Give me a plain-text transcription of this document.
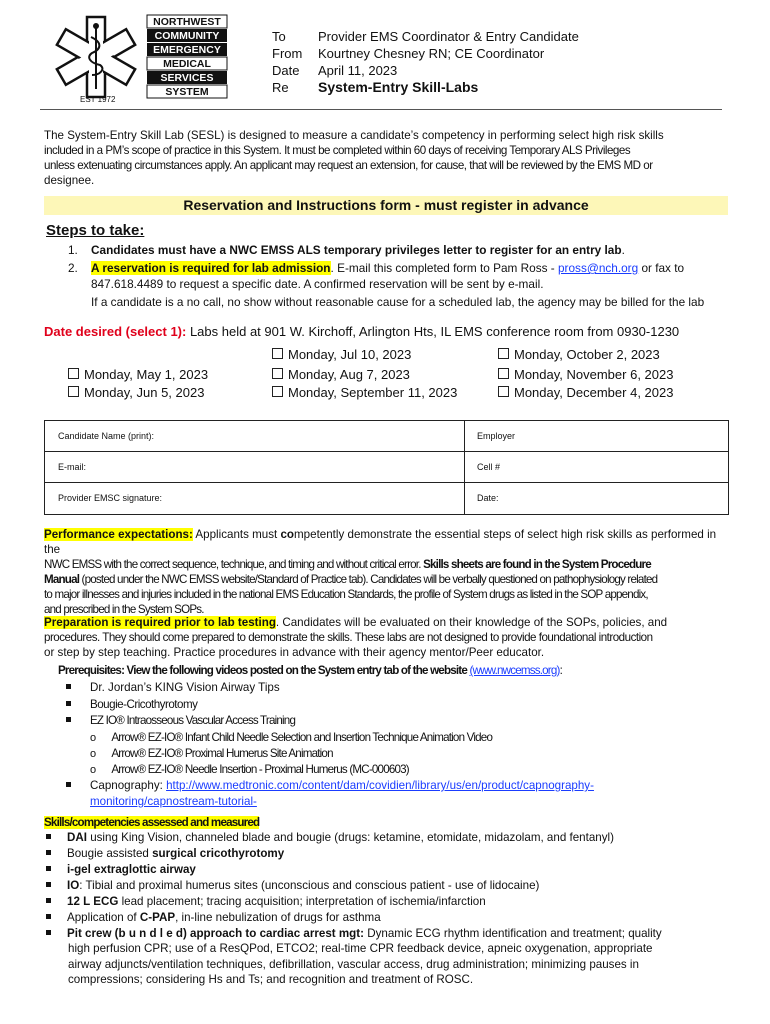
NORTHWEST
COMMUNITY
EMERGENCY
MEDICAL
SERVICES
SYSTEM
EST 1972
To Provider EMS Coordinator & Entry Candidate
From Kourtney Chesney RN; CE Coordinator
Date April 11, 2023
Re System-Entry Skill-Labs

The System-Entry Skill Lab (SESL) is designed to measure a candidate’s competency in performing select high risk skills

included in a PM’s scope of practice in this System. It must be completed within 60 days of receiving Temporary ALS Privileges

unless extenuating circumstances apply. An applicant may request an extension, for cause, that will be reviewed by the EMS MD or

designee.

Reservation and Instructions form - must register in advance
Steps to take:
1. Candidates must have a NWC EMSS ALS temporary privileges letter to register for an entry lab.
2. A reservation is required for lab admission. E-mail this completed form to Pam Ross - pross@nch.org or fax to
847.618.4489 to request a specific date. A confirmed reservation will be sent by e-mail.
If a candidate is a no call, no show without reasonable cause for a scheduled lab, the agency may be billed for the lab
Date desired (select 1): Labs held at 901 W. Kirchoff, Arlington Hts, IL EMS conference room from 0930-1230
Monday, May 1, 2023
Monday, Jun 5, 2023
Monday, Jul 10, 2023
Monday, Aug 7, 2023
Monday, September 11, 2023
Monday, October 2, 2023
Monday, November 6, 2023
Monday, December 4, 2023
Candidate Name (print):	Employer
E-mail:	Cell #
Provider EMSC signature:	Date:

Performance expectations: Applicants must competently demonstrate the essential steps of select high risk skills as performed in the

NWC EMSS with the correct sequence, technique, and timing and without critical error. Skills sheets are found in the System Procedure

Manual (posted under the NWC EMSS website/Standard of Practice tab). Candidates will be verbally questioned on pathophysiology related

to major illnesses and injuries included in the national EMS Education Standards, the profile of System drugs as listed in the SOP appendix,

and prescribed in the System SOPs.

Preparation is required prior to lab testing. Candidates will be evaluated on their knowledge of the SOPs, policies, and

procedures. They should come prepared to demonstrate the skills. These labs are not designed to provide foundational introduction

or step by step teaching. Practice procedures in advance with their agency mentor/Peer educator.

Prerequisites: View the following videos posted on the System entry tab of the website (www.nwcemss.org):
Dr. Jordan’s KING Vision Airway Tips
Bougie-Cricothyrotomy
EZ IO® Intraosseous Vascular Access Training
o Arrow® EZ-IO® Infant Child Needle Selection and Insertion Technique Animation Video
o Arrow® EZ-IO® Proximal Humerus Site Animation
o Arrow® EZ-IO® Needle Insertion - Proximal Humerus (MC-000603)
Capnography: http://www.medtronic.com/content/dam/covidien/library/us/en/product/capnography-
monitoring/capnostream-tutorial-
Skills/competencies assessed and measured
DAI using King Vision, channeled blade and bougie (drugs: ketamine, etomidate, midazolam, and fentanyl)
Bougie assisted surgical cricothyrotomy
i-gel extraglottic airway
IO: Tibial and proximal humerus sites (unconscious and conscious patient - use of lidocaine)
12 L ECG lead placement; tracing acquisition; interpretation of ischemia/infarction
Application of C-PAP, in-line nebulization of drugs for asthma
Pit crew (b u n d l e d) approach to cardiac arrest mgt: Dynamic ECG rhythm identification and treatment; quality
high perfusion CPR; use of a ResQPod, ETCO2; real-time CPR feedback device, apneic oxygenation, appropriate
airway adjuncts/ventilation techniques, defibrillation, vascular access, drug administration; minimizing pauses in
compressions; considering Hs and Ts; and recognition and treatment of ROSC.
